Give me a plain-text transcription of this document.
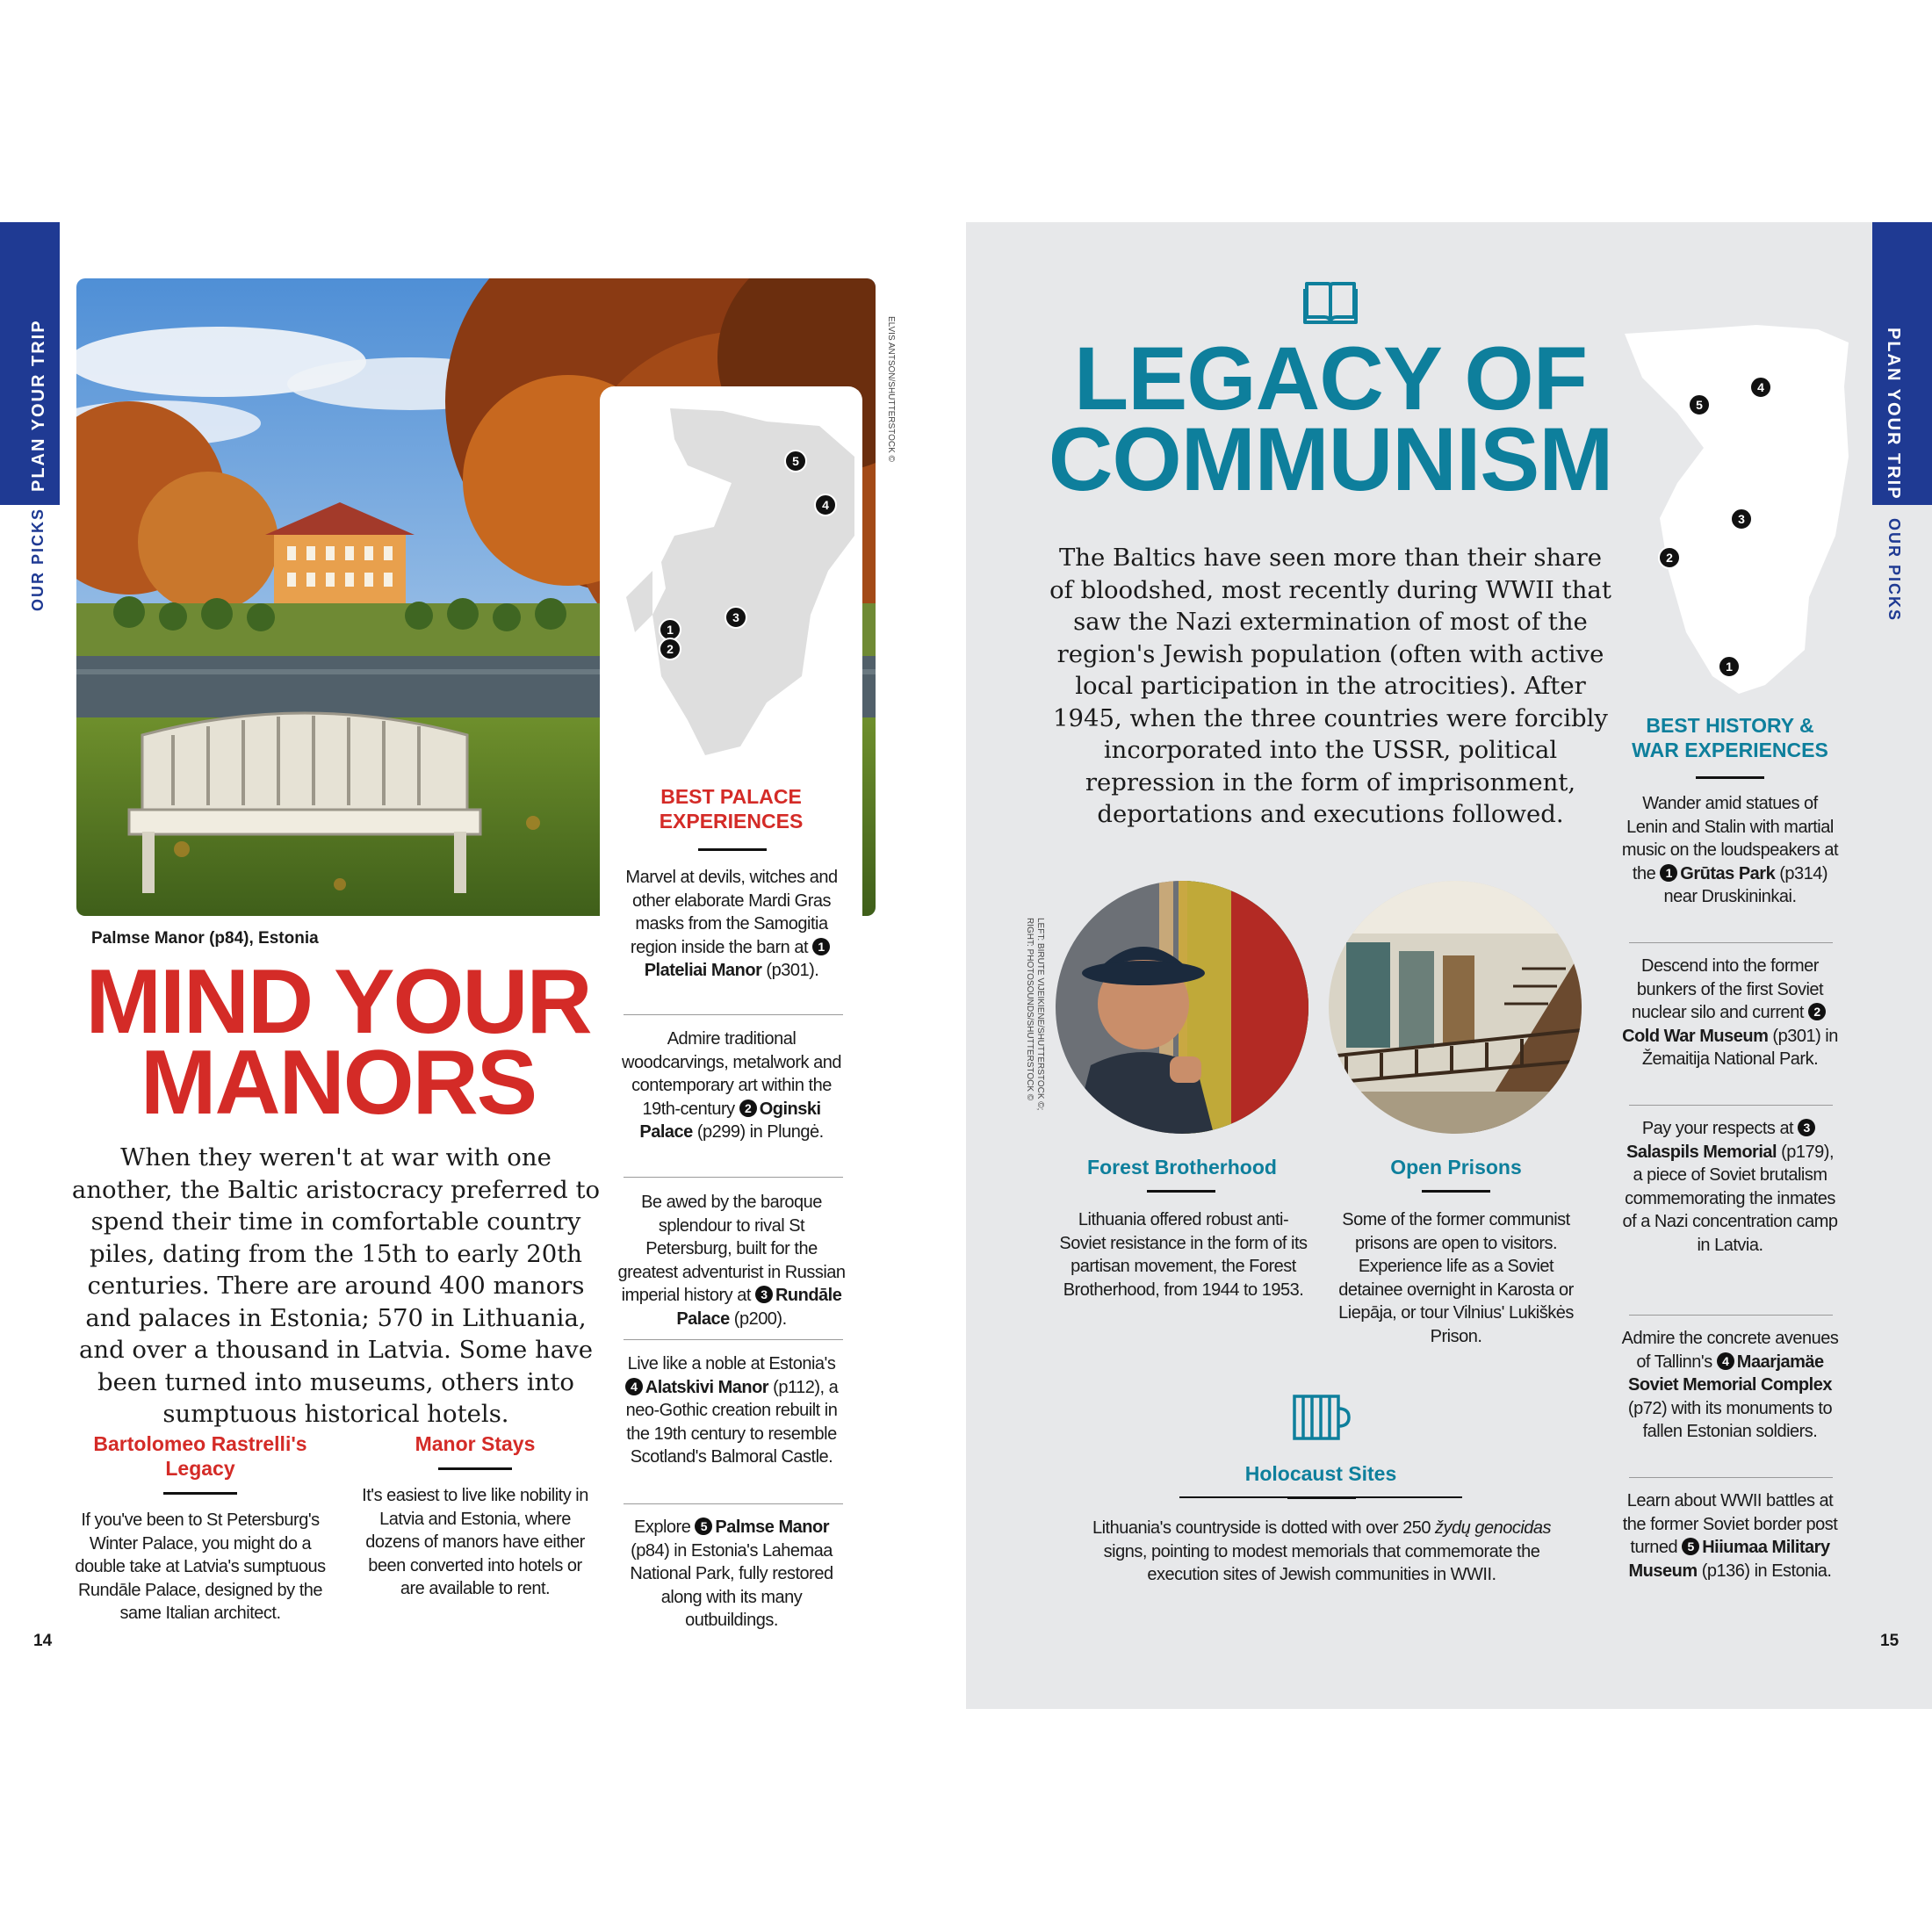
PLAN YOUR TRIP
OUR PICKS
ELVIS ANTSON/SHUTTERSTOCK ©
Palmse Manor (p84), Estonia
MIND YOUR
MANORS
When they weren't at war with one another, the Baltic aristocracy preferred to spend their time in comfortable country piles, dating from the 15th to early 20th centuries. There are around 400 manors and palaces in Estonia; 570 in Lithuania, and over a thousand in Latvia. Some have been turned into museums, others into sumptuous historical hotels.
Bartolomeo Rastrelli's Legacy
If you've been to St Petersburg's Winter Palace, you might do a double take at Latvia's sumptuous Rundāle Palace, designed by the same Italian architect.
Manor Stays
It's easiest to live like nobility in Latvia and Estonia, where dozens of manors have either been converted into hotels or are available to rent.
14
5
4
3
1
2
BEST PALACE EXPERIENCES
Marvel at devils, witches and other elaborate Mardi Gras masks from the Samogitia region inside the barn at 1Plateliai Manor (p301).
Admire traditional woodcarvings, metalwork and contemporary art within the 19th-century 2 Oginski Palace (p299) in Plungė.
Be awed by the baroque splendour to rival St Petersburg, built for the greatest adventurist in Russian imperial history at 3 Rundāle Palace (p200).
Live like a noble at Estonia's 4 Alatskivi Manor (p112), a neo-Gothic creation rebuilt in the 19th century to resemble Scotland's Balmoral Castle.
Explore 5 Palmse Manor (p84) in Estonia's Lahemaa National Park, fully restored along with its many outbuildings.
PLAN YOUR TRIP
OUR PICKS
LEGACY OF
COMMUNISM
The Baltics have seen more than their share of bloodshed, most recently during WWII that saw the Nazi extermination of most of the region's Jewish population (often with active local participation in the atrocities). After 1945, when the three countries were forcibly incorporated into the USSR, political repression in the form of imprisonment, deportations and executions followed.
LEFT: BIRUTE VIJEIKIENE/SHUTTERSTOCK ©;
RIGHT: PHOTOSOUNDS/SHUTTERSTOCK ©
Forest Brotherhood
Lithuania offered robust anti-Soviet resistance in the form of its partisan movement, the Forest Brotherhood, from 1944 to 1953.
Open Prisons
Some of the former communist prisons are open to visitors. Experience life as a Soviet detainee overnight in Karosta or Liepāja, or tour Vilnius' Lukiškės Prison.
Holocaust Sites
Lithuania's countryside is dotted with over 250 žydų genocidas signs, pointing to modest memorials that commemorate the execution sites of Jewish communities in WWII.
4
5
3
2
1
BEST HISTORY & WAR EXPERIENCES
Wander amid statues of Lenin and Stalin with martial music on the loudspeakers at the 1 Grūtas Park (p314) near Druskininkai.
Descend into the former bunkers of the first Soviet nuclear silo and current 2Cold War Museum (p301) in Žemaitija National Park.
Pay your respects at 3Salaspils Memorial (p179), a piece of Soviet brutalism commemorating the inmates of a Nazi concentration camp in Latvia.
Admire the concrete avenues of Tallinn's 4 Maarjamäe Soviet Memorial Complex (p72) with its monuments to fallen Estonian soldiers.
Learn about WWII battles at the former Soviet border post turned 5 Hiiumaa Military Museum (p136) in Estonia.
15
